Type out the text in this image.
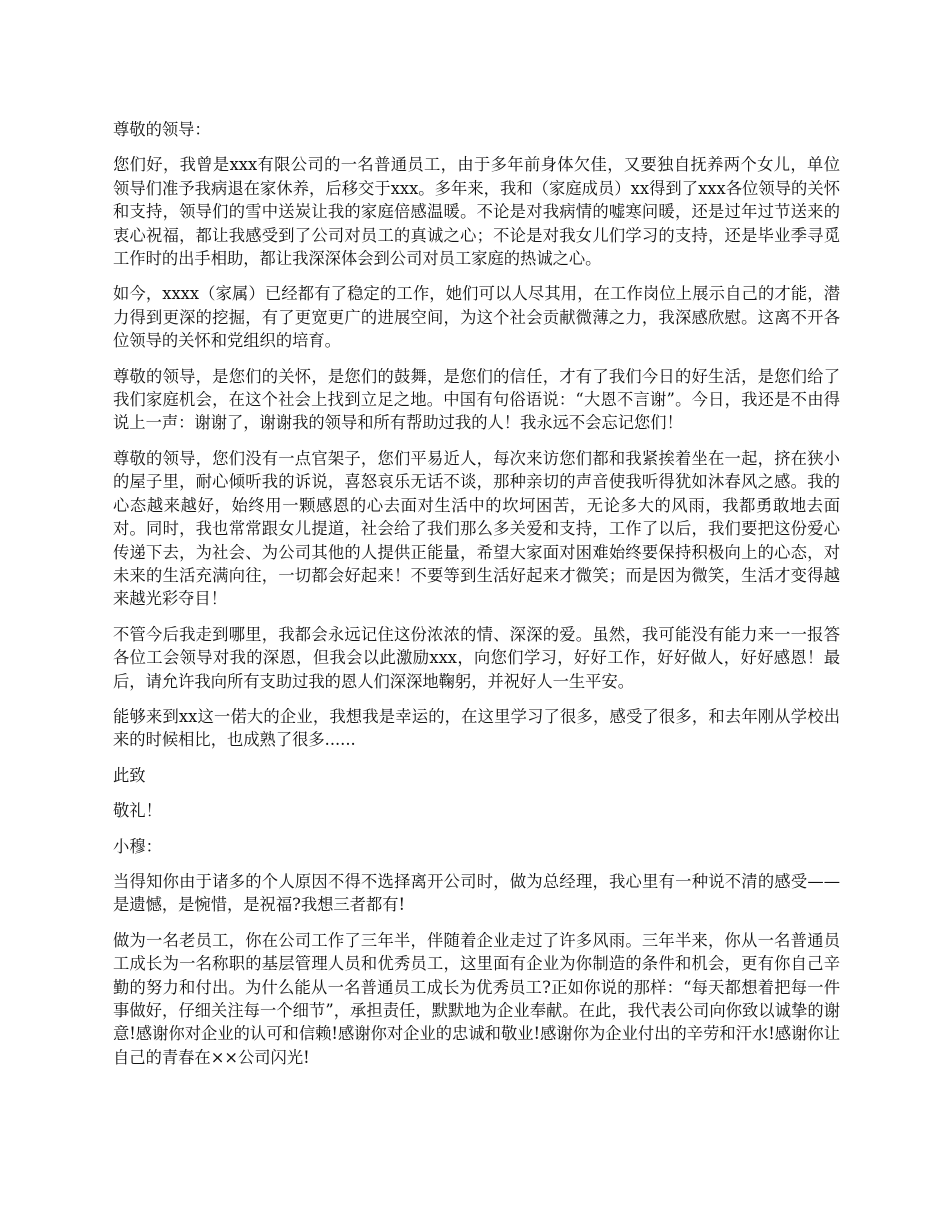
尊敬的领导：

您们好，我曾是xxx有限公司的一名普通员工，由于多年前身体欠佳，又要独自抚养两个女儿，单位领导们准予我病退在家休养，后移交于xxx。多年来，我和（家庭成员）xx得到了xxx各位领导的关怀和支持，领导们的雪中送炭让我的家庭倍感温暖。不论是对我病情的嘘寒问暖，还是过年过节送来的衷心祝福，都让我感受到了公司对员工的真诚之心；不论是对我女儿们学习的支持，还是毕业季寻觅工作时的出手相助，都让我深深体会到公司对员工家庭的热诚之心。

如今，xxxx（家属）已经都有了稳定的工作，她们可以人尽其用，在工作岗位上展示自己的才能，潜力得到更深的挖掘，有了更宽更广的进展空间，为这个社会贡献微薄之力，我深感欣慰。这离不开各位领导的关怀和党组织的培育。

尊敬的领导，是您们的关怀，是您们的鼓舞，是您们的信任，才有了我们今日的好生活，是您们给了我们家庭机会，在这个社会上找到立足之地。中国有句俗语说：“大恩不言谢”。今日，我还是不由得说上一声：谢谢了，谢谢我的领导和所有帮助过我的人！我永远不会忘记您们！

尊敬的领导，您们没有一点官架子，您们平易近人，每次来访您们都和我紧挨着坐在一起，挤在狭小的屋子里，耐心倾听我的诉说，喜怒哀乐无话不谈，那种亲切的声音使我听得犹如沐春风之感。我的心态越来越好，始终用一颗感恩的心去面对生活中的坎坷困苦，无论多大的风雨，我都勇敢地去面对。同时，我也常常跟女儿提道，社会给了我们那么多关爱和支持，工作了以后，我们要把这份爱心传递下去，为社会、为公司其他的人提供正能量，希望大家面对困难始终要保持积极向上的心态，对未来的生活充满向往，一切都会好起来！不要等到生活好起来才微笑；而是因为微笑，生活才变得越来越光彩夺目！

不管今后我走到哪里，我都会永远记住这份浓浓的情、深深的爱。虽然，我可能没有能力来一一报答各位工会领导对我的深恩，但我会以此激励xxx，向您们学习，好好工作，好好做人，好好感恩！最后，请允许我向所有支助过我的恩人们深深地鞠躬，并祝好人一生平安。

能够来到xx这一偌大的企业，我想我是幸运的，在这里学习了很多，感受了很多，和去年刚从学校出来的时候相比，也成熟了很多......

此致

敬礼！

小穆：

当得知你由于诸多的个人原因不得不选择离开公司时，做为总经理，我心里有一种说不清的感受——是遗憾，是惋惜，是祝福?我想三者都有!

做为一名老员工，你在公司工作了三年半，伴随着企业走过了许多风雨。三年半来，你从一名普通员工成长为一名称职的基层管理人员和优秀员工，这里面有企业为你制造的条件和机会，更有你自己辛勤的努力和付出。为什么能从一名普通员工成长为优秀员工?正如你说的那样：“每天都想着把每一件事做好，仔细关注每一个细节”，承担责任，默默地为企业奉献。在此，我代表公司向你致以诚挚的谢意!感谢你对企业的认可和信赖!感谢你对企业的忠诚和敬业!感谢你为企业付出的辛劳和汗水!感谢你让自己的青春在××公司闪光!
